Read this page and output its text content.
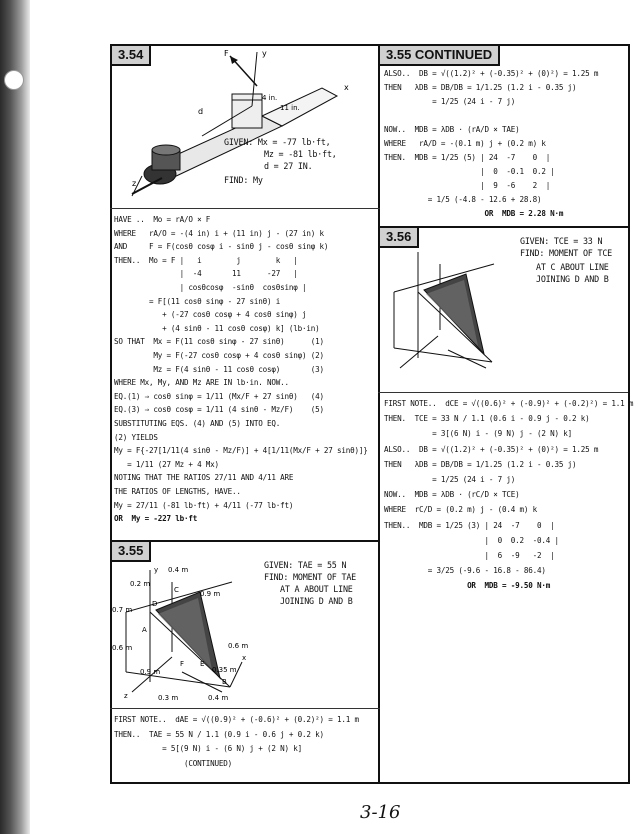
3.54	F	y
4 in.
11 in.
d
x
z
GIVEN: Mx = -77 lb·ft,
Mz = -81 lb·ft,
d = 27 IN.
FIND: My
HAVE ..  Mo = rA/O × F
WHERE   rA/O = -(4 in) i + (11 in) j - (27 in) k
AND     F = F(cosθ cosφ i - sinθ j - cosθ sinφ k)
THEN..  Mo = F |   i        j        k   |
|  -4       11      -27   |
| cosθcosφ  -sinθ  cosθsinφ |
= F[(11 cosθ sinφ - 27 sinθ) i
+ (-27 cosθ cosφ + 4 cosθ sinφ) j
+ (4 sinθ - 11 cosθ cosφ) k] (lb·in)
SO THAT  Mx = F(11 cosθ sinφ - 27 sinθ)      (1)
My = F(-27 cosθ cosφ + 4 cosθ sinφ) (2)
Mz = F(4 sinθ - 11 cosθ cosφ)       (3)
WHERE Mx, My, AND Mz ARE IN lb·in. NOW..
EQ.(1) ⇒ cosθ sinφ = 1/11 (Mx/F + 27 sinθ)   (4)
EQ.(3) ⇒ cosθ cosφ = 1/11 (4 sinθ - Mz/F)    (5)
SUBSTITUTING EQS. (4) AND (5) INTO EQ.
(2) YIELDS
My = F{-27[1/11(4 sinθ - Mz/F)] + 4[1/11(Mx/F + 27 sinθ)]}
= 1/11 (27 Mz + 4 Mx)
NOTING THAT THE RATIOS 27/11 AND 4/11 ARE
THE RATIOS OF LENGTHS, HAVE..
My = 27/11 (-81 lb·ft) + 4/11 (-77 lb·ft)
OR  My = -227 lb·ft
3.55
y 0.4 m
0.2 m
0.7 m
0.9 m
0.6 m
0.9 m	0.35 m
0.6 m
0.3 m	0.4 m
B
C
D
A
E
F
x
z
GIVEN: TAE = 55 N
FIND: MOMENT OF TAE
AT A ABOUT LINE
JOINING D AND B
FIRST NOTE..  dAE = √((0.9)² + (-0.6)² + (0.2)²) = 1.1 m
THEN..  TAE = 55 N / 1.1 (0.9 i - 0.6 j + 0.2 k)
= 5[(9 N) i - (6 N) j + (2 N) k]
(CONTINUED)
3.55 CONTINUED
ALSO..  DB = √((1.2)² + (-0.35)² + (0)²) = 1.25 m
THEN   λDB = DB/DB = 1/1.25 (1.2 i - 0.35 j)
= 1/25 (24 i - 7 j)
NOW..  MDB = λDB · (rA/D × TAE)
WHERE   rA/D = -(0.1 m) j + (0.2 m) k
THEN.  MDB = 1/25 (5) | 24  -7    0  |
|  0  -0.1  0.2 |
|  9  -6    2  |
= 1/5 (-4.8 - 12.6 + 28.8)
OR  MDB = 2.28 N·m
3.56	GIVEN: TCE = 33 N
FIND: MOMENT OF TCE
AT C ABOUT LINE
JOINING D AND B
FIRST NOTE..  dCE = √((0.6)² + (-0.9)² + (-0.2)²) = 1.1 m
THEN.  TCE = 33 N / 1.1 (0.6 i - 0.9 j - 0.2 k)
= 3[(6 N) i - (9 N) j - (2 N) k]
ALSO..  DB = √((1.2)² + (-0.35)² + (0)²) = 1.25 m
THEN   λDB = DB/DB = 1/1.25 (1.2 i - 0.35 j)
= 1/25 (24 i - 7 j)
NOW..  MDB = λDB · (rC/D × TCE)
WHERE  rC/D = (0.2 m) j - (0.4 m) k
THEN..  MDB = 1/25 (3) | 24  -7    0  |
|  0  0.2  -0.4 |
|  6  -9   -2  |
= 3/25 (-9.6 - 16.8 - 86.4)
OR  MDB = -9.50 N·m
3-16
